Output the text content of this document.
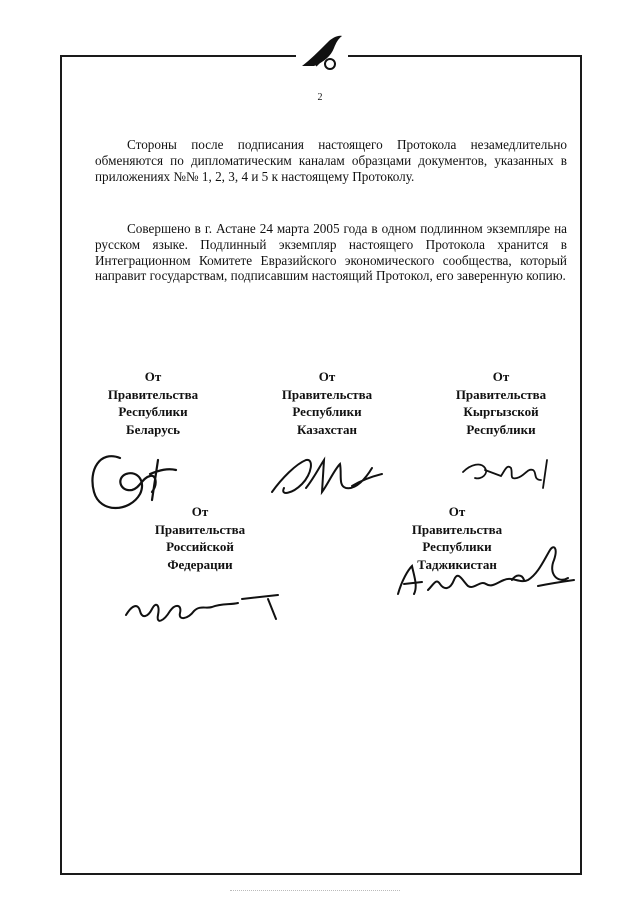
2

Стороны после подписания настоящего Протокола незамедлительно обменяются по дипломатическим каналам образцами документов, указанных в приложениях №№ 1, 2, 3, 4 и 5 к настоящему Протоколу.

Совершено в г. Астане 24 марта 2005 года в одном подлинном экземпляре на русском языке. Подлинный экземпляр настоящего Протокола хранится в Интеграционном Комитете Евразийского экономического сообщества, который направит государствам, подписавшим настоящий Протокол, его заверенную копию.

От
Правительства
Республики
Беларусь
От
Правительства
Республики
Казахстан
От
Правительства
Кыргызской
Республики
От
Правительства
Российской
Федерации
От
Правительства
Республики
Таджикистан
